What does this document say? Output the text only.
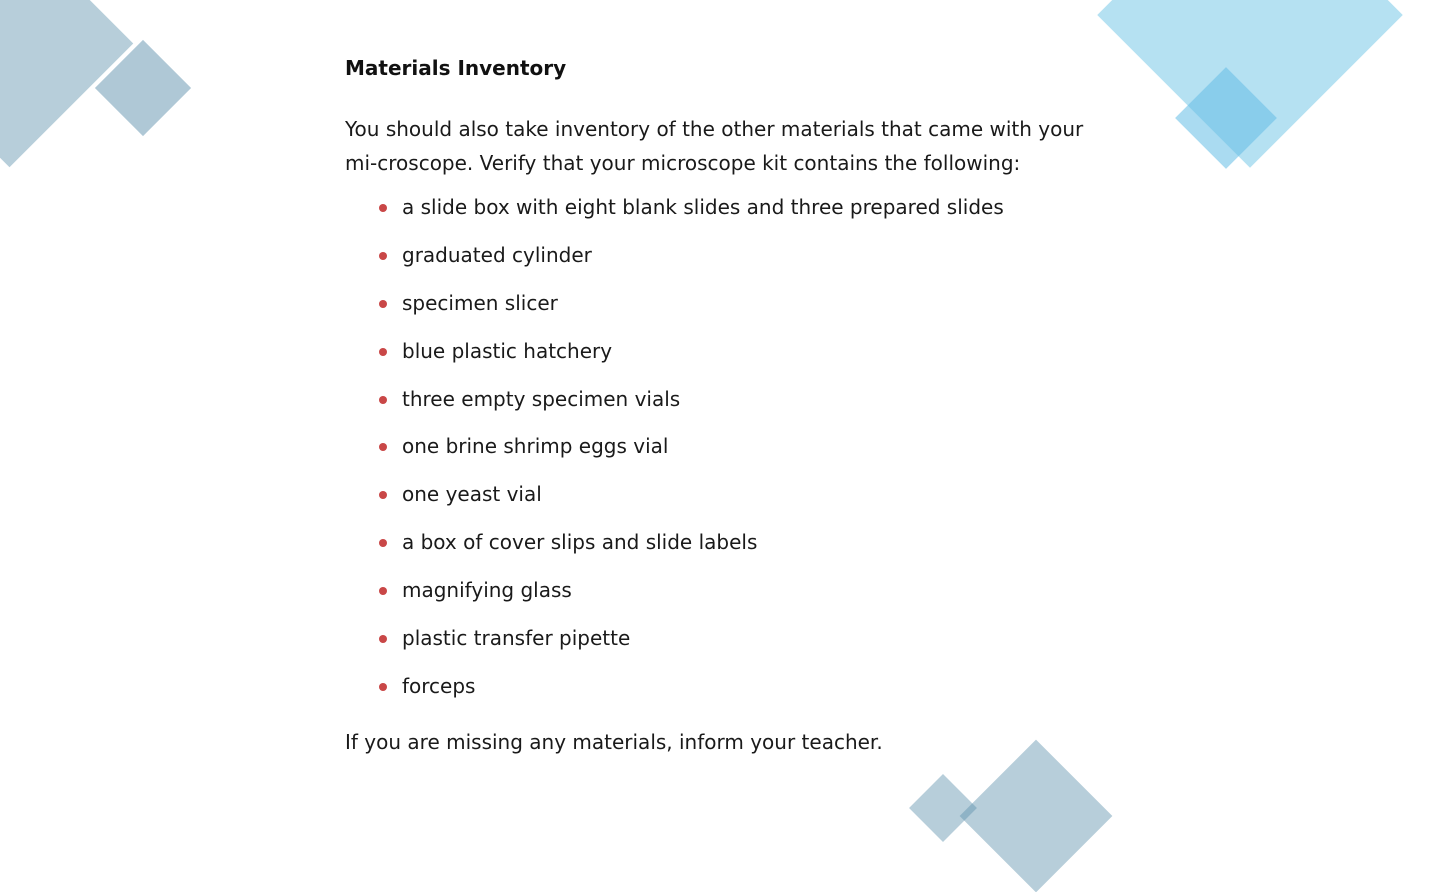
Materials Inventory

You should also take inventory of the other materials that came with your mi-croscope. Verify that your microscope kit contains the following:

a slide box with eight blank slides and three prepared slides
graduated cylinder
specimen slicer
blue plastic hatchery
three empty specimen vials
one brine shrimp eggs vial
one yeast vial
a box of cover slips and slide labels
magnifying glass
plastic transfer pipette
forceps

If you are missing any materials, inform your teacher.
